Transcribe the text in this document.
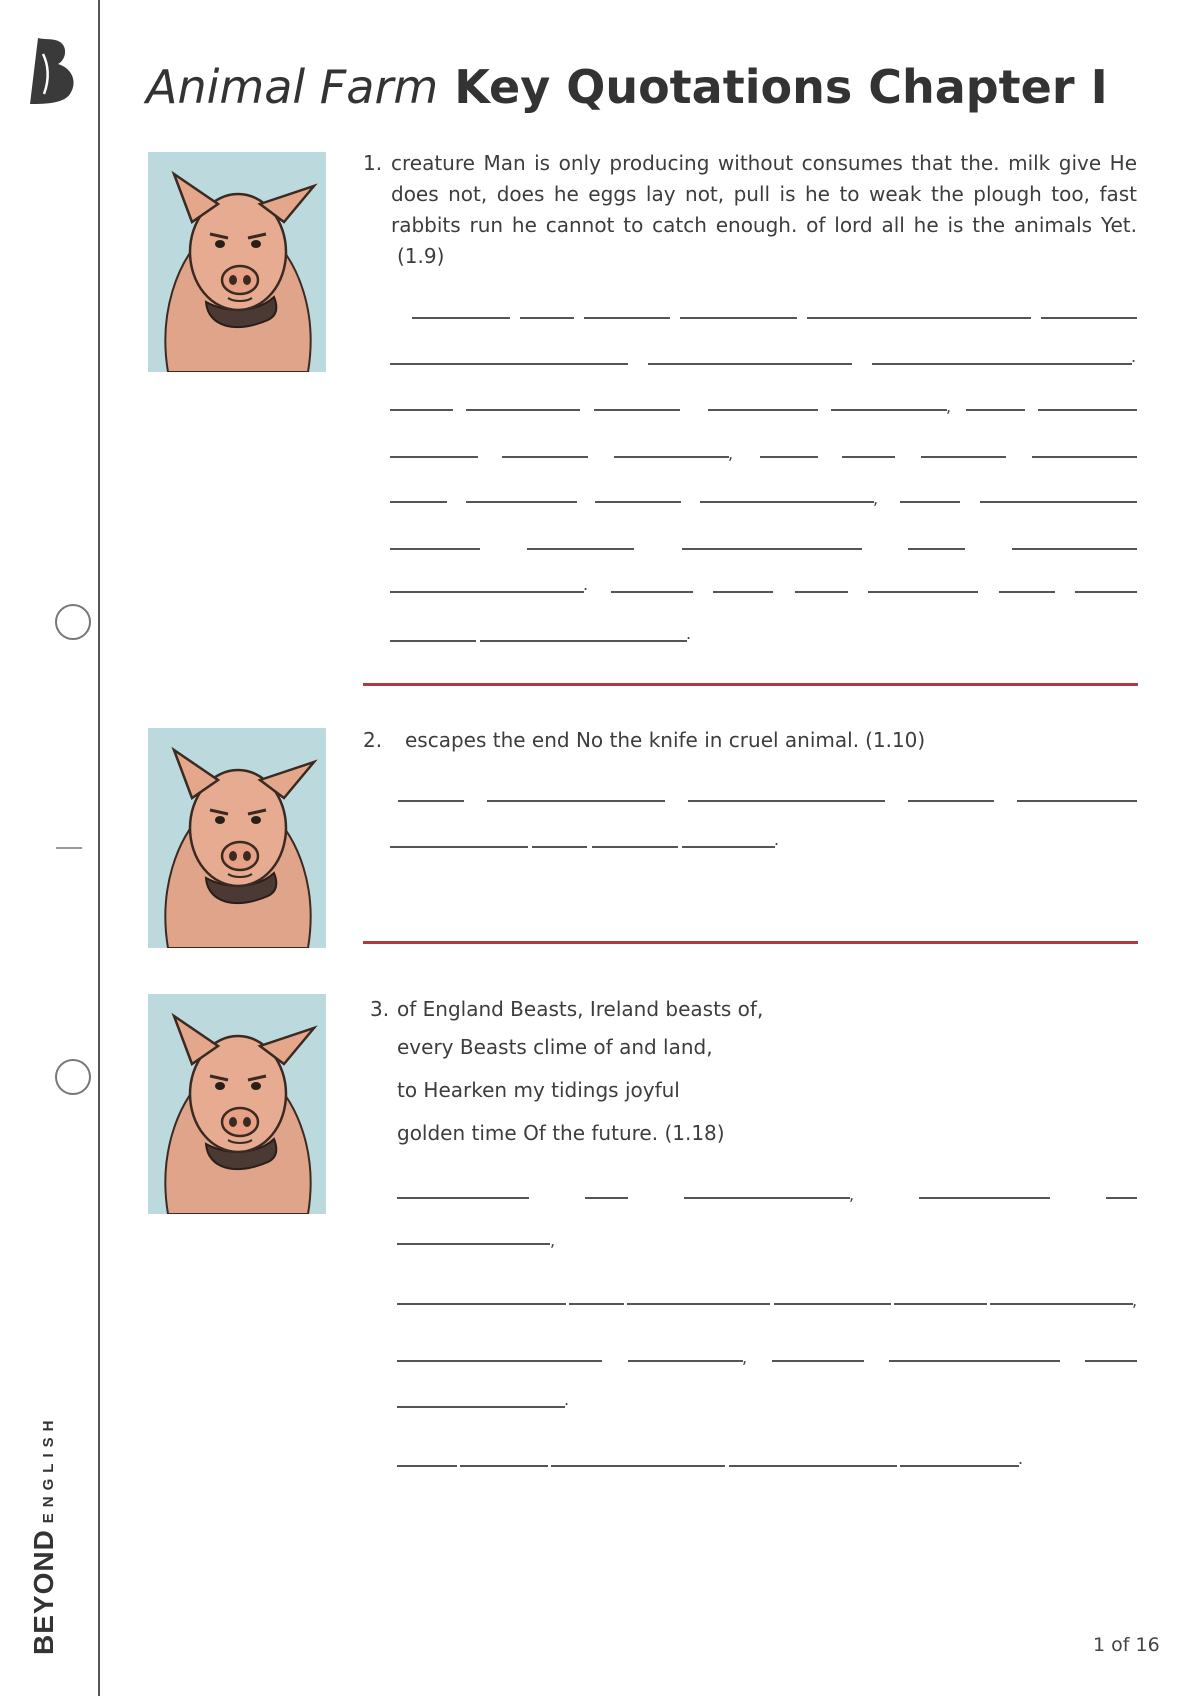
BEYONDENGLISH
Animal Farm Key Quotations Chapter I
1. creature Man is only producing without consumes that the. milk give He does not, does he eggs lay not, pull is he to weak the plough too, fast rabbits run he cannot to catch enough. of lord all he is the animals Yet.(1.9)

.
,
,
,
.
.
2. escapes the end No the knife in cruel animal. (1.10)

.
3. of England Beasts, Ireland beasts of,
every Beasts clime of and land,
to Hearken my tidings joyful
golden time Of the future. (1.18)
,
,
,
,
.
.
1 of 16
